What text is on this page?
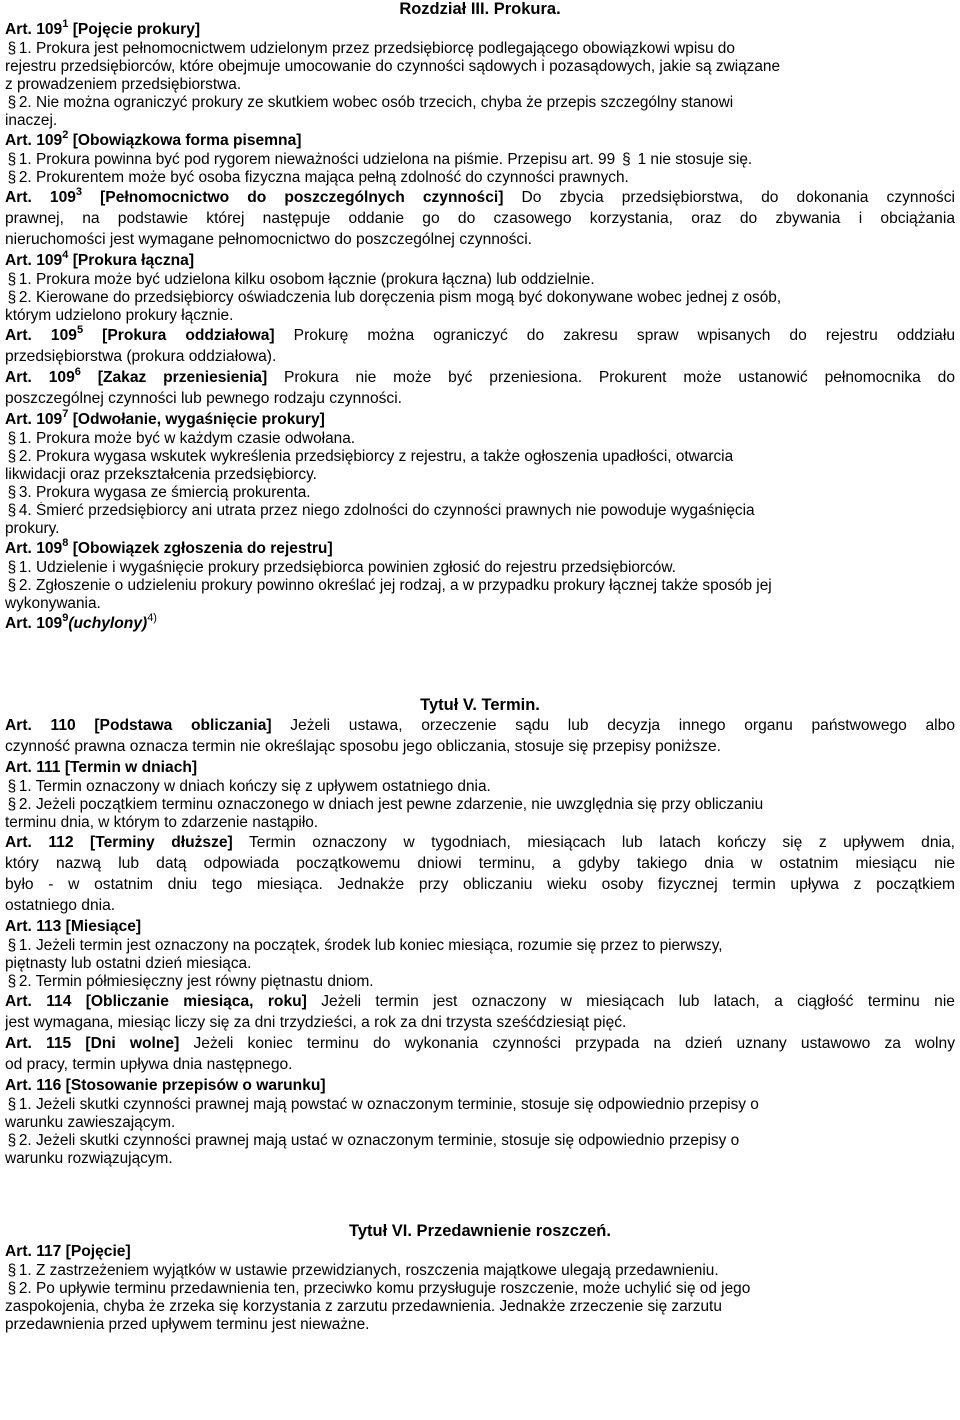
Rozdział III. Prokura.
Art. $109^1$ [Pojęcie prokury]
§ 1. Prokura jest pełnomocnictwem udzielonym przez przedsiębiorcę podlegającego obowiązkowi wpisu do
rejestru przedsiębiorców, które obejmuje umocowanie do czynności sądowych i pozasądowych, jakie są związane
z prowadzeniem przedsiębiorstwa.
§ 2. Nie można ograniczyć prokury ze skutkiem wobec osób trzecich, chyba że przepis szczególny stanowi
inaczej.
Art. $109^2$ [Obowiązkowa forma pisemna]
§ 1. Prokura powinna być pod rygorem nieważności udzielona na piśmie. Przepisu art. 99 § 1 nie stosuje się.
§ 2. Prokurentem może być osoba fizyczna mająca pełną zdolność do czynności prawnych.
Art. $109^3$ [Pełnomocnictwo do poszczególnych czynności] Do zbycia przedsiębiorstwa, do dokonania czynności
prawnej, na podstawie której następuje oddanie go do czasowego korzystania, oraz do zbywania i obciążania
nieruchomości jest wymagane pełnomocnictwo do poszczególnej czynności.
Art. $109^4$ [Prokura łączna]
§ 1. Prokura może być udzielona kilku osobom łącznie (prokura łączna) lub oddzielnie.
§ 2. Kierowane do przedsiębiorcy oświadczenia lub doręczenia pism mogą być dokonywane wobec jednej z osób,
którym udzielono prokury łącznie.
Art. $109^5$ [Prokura oddziałowa] Prokurę można ograniczyć do zakresu spraw wpisanych do rejestru oddziału
przedsiębiorstwa (prokura oddziałowa).
Art. $109^6$ [Zakaz przeniesienia] Prokura nie może być przeniesiona. Prokurent może ustanowić pełnomocnika do
poszczególnej czynności lub pewnego rodzaju czynności.
Art. $109^7$ [Odwołanie, wygaśnięcie prokury]
§ 1. Prokura może być w każdym czasie odwołana.
§ 2. Prokura wygasa wskutek wykreślenia przedsiębiorcy z rejestru, a także ogłoszenia upadłości, otwarcia
likwidacji oraz przekształcenia przedsiębiorcy.
§ 3. Prokura wygasa ze śmiercią prokurenta.
§ 4. Śmierć przedsiębiorcy ani utrata przez niego zdolności do czynności prawnych nie powoduje wygaśnięcia
prokury.
Art. $109^8$ [Obowiązek zgłoszenia do rejestru]
§ 1. Udzielenie i wygaśnięcie prokury przedsiębiorca powinien zgłosić do rejestru przedsiębiorców.
§ 2. Zgłoszenie o udzieleniu prokury powinno określać jej rodzaj, a w przypadku prokury łącznej także sposób jej
wykonywania.
Art. $109^9(uchylony)^{4)}$
Tytuł V. Termin.
Art. 110 [Podstawa obliczania] Jeżeli ustawa, orzeczenie sądu lub decyzja innego organu państwowego albo
czynność prawna oznacza termin nie określając sposobu jego obliczania, stosuje się przepisy poniższe.
Art. 111 [Termin w dniach]
§ 1. Termin oznaczony w dniach kończy się z upływem ostatniego dnia.
§ 2. Jeżeli początkiem terminu oznaczonego w dniach jest pewne zdarzenie, nie uwzględnia się przy obliczaniu
terminu dnia, w którym to zdarzenie nastąpiło.
Art. 112 [Terminy dłuższe] Termin oznaczony w tygodniach, miesiącach lub latach kończy się z upływem dnia,
który nazwą lub datą odpowiada początkowemu dniowi terminu, a gdyby takiego dnia w ostatnim miesiącu nie
było - w ostatnim dniu tego miesiąca. Jednakże przy obliczaniu wieku osoby fizycznej termin upływa z początkiem
ostatniego dnia.
Art. 113 [Miesiące]
§ 1. Jeżeli termin jest oznaczony na początek, środek lub koniec miesiąca, rozumie się przez to pierwszy,
piętnasty lub ostatni dzień miesiąca.
§ 2. Termin półmiesięczny jest równy piętnastu dniom.
Art. 114 [Obliczanie miesiąca, roku] Jeżeli termin jest oznaczony w miesiącach lub latach, a ciągłość terminu nie
jest wymagana, miesiąc liczy się za dni trzydzieści, a rok za dni trzysta sześćdziesiąt pięć.
Art. 115 [Dni wolne] Jeżeli koniec terminu do wykonania czynności przypada na dzień uznany ustawowo za wolny
od pracy, termin upływa dnia następnego.
Art. 116 [Stosowanie przepisów o warunku]
§ 1. Jeżeli skutki czynności prawnej mają powstać w oznaczonym terminie, stosuje się odpowiednio przepisy o
warunku zawieszającym.
§ 2. Jeżeli skutki czynności prawnej mają ustać w oznaczonym terminie, stosuje się odpowiednio przepisy o
warunku rozwiązującym.
Tytuł VI. Przedawnienie roszczeń.
Art. 117 [Pojęcie]
§ 1. Z zastrzeżeniem wyjątków w ustawie przewidzianych, roszczenia majątkowe ulegają przedawnieniu.
§ 2. Po upływie terminu przedawnienia ten, przeciwko komu przysługuje roszczenie, może uchylić się od jego
zaspokojenia, chyba że zrzeka się korzystania z zarzutu przedawnienia. Jednakże zrzeczenie się zarzutu
przedawnienia przed upływem terminu jest nieważne.
